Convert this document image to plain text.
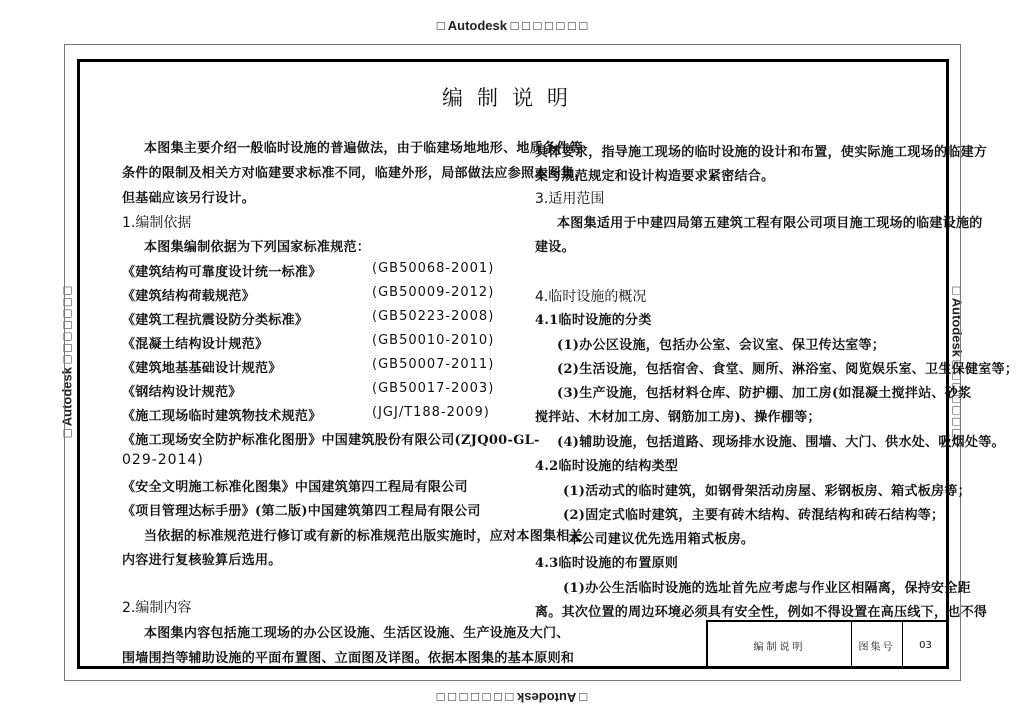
□ Autodesk □ □ □ □ □ □ □
□ Autodesk □ □ □ □ □ □ □
□ Autodesk □ □ □ □ □ □ □	□ Autodesk □ □ □ □ □ □ □
编制说明
本图集主要介绍一般临时设施的普遍做法，由于临建场地地形、地质条件等
条件的限制及相关方对临建要求标准不同，临建外形，局部做法应参照本图集，
但基础应该另行设计。
1.编制依据
本图集编制依据为下列国家标准规范：
《建筑结构可靠度设计统一标准》	(GB50068-2001)
《建筑结构荷载规范》	(GB50009-2012)
《建筑工程抗震设防分类标准》	(GB50223-2008)
《混凝土结构设计规范》	(GB50010-2010)
《建筑地基基础设计规范》	(GB50007-2011)
《钢结构设计规范》	(GB50017-2003)
《施工现场临时建筑物技术规范》	(JGJ/T188-2009)
《施工现场安全防护标准化图册》中国建筑股份有限公司(ZJQ00-GL-
029-2014)
《安全文明施工标准化图集》中国建筑第四工程局有限公司
《项目管理达标手册》(第二版)中国建筑第四工程局有限公司
当依据的标准规范进行修订或有新的标准规范出版实施时，应对本图集相关
内容进行复核验算后选用。
2.编制内容
本图集内容包括施工现场的办公区设施、生活区设施、生产设施及大门、
围墙围挡等辅助设施的平面布置图、立面图及详图。依据本图集的基本原则和
具体要求，指导施工现场的临时设施的设计和布置，使实际施工现场的临建方
案与规范规定和设计构造要求紧密结合。
3.适用范围
本图集适用于中建四局第五建筑工程有限公司项目施工现场的临建设施的
建设。
4.临时设施的概况
4.1临时设施的分类
(1)办公区设施，包括办公室、会议室、保卫传达室等；
(2)生活设施，包括宿舍、食堂、厕所、淋浴室、阅览娱乐室、卫生保健室等；
(3)生产设施，包括材料仓库、防护棚、加工房(如混凝土搅拌站、砂浆
搅拌站、木材加工房、钢筋加工房)、操作棚等；
(4)辅助设施，包括道路、现场排水设施、围墙、大门、供水处、吸烟处等。
4.2临时设施的结构类型
(1)活动式的临时建筑，如钢骨架活动房屋、彩钢板房、箱式板房等；
(2)固定式临时建筑，主要有砖木结构、砖混结构和砖石结构等；
本公司建议优先选用箱式板房。
4.3临时设施的布置原则
(1)办公生活临时设施的选址首先应考虑与作业区相隔离，保持安全距
离。其次位置的周边环境必须具有安全性，例如不得设置在高压线下，也不得
编制说明	图集号	03
